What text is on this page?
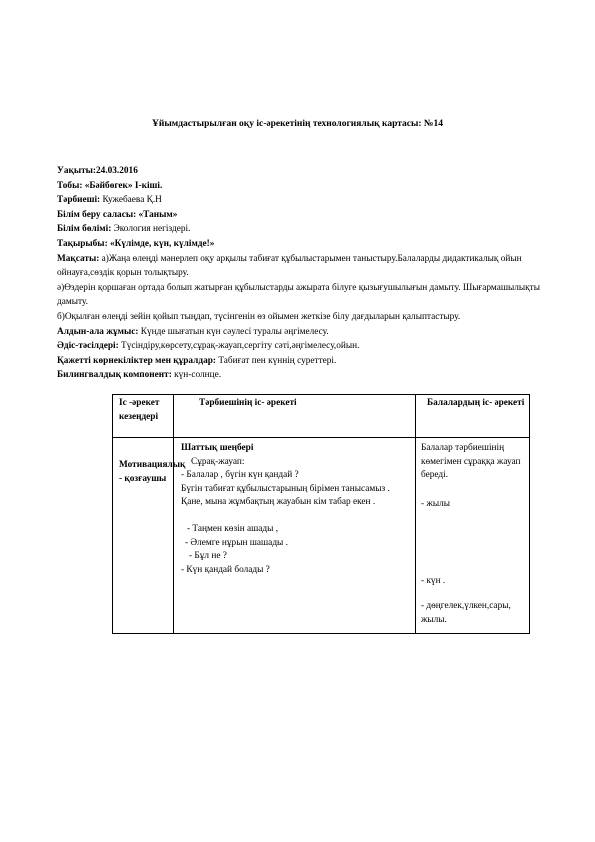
Ұйымдастырылған оқу іс-әрекетінің технологиялық картасы: №14
Уақыты:24.03.2016
Тобы: «Бәйбөгек» I-кіші.
Тәрбиеші: Кужебаева Қ.Н
Білім беру саласы: «Таным»
Білім бөлімі: Экология негіздері.
Тақырыбы: «Күлімде, күн, күлімде!»
Мақсаты: а)Жаңа өлеңді мәнерлеп оқу арқылы табиғат құбылыстарымен таныстыру.Балаларды дидактикалық ойын ойнауға,сөздік қорын толықтыру.
ә)Өздерін қоршаған ортада болып жатырған құбылыстарды ажырата білуге қызығушылығын дамыту. Шығармашылықты дамыту.
б)Оқылған өлеңді зейін қойып тыңдап, түсінгенін өз ойымен жеткізе білу дағдыларын қалыптастыру.
Алдын-ала жұмыс: Күнде шығатын күн сәулесі туралы әңгімелесу.
Әдіс-тәсілдері: Түсіндіру,көрсету,сұрақ-жауап,сергіту сәті,әңгімелесу,ойын.
Қажетті көрнекіліктер мен құралдар: Табиғат пен күннің суреттері.
Билингвалдық компонент: күн-солнце.
Іс -әрекет кезеңдері
Тәрбиешінің іс- әрекеті	Балалардың іс- әрекеті
Мотивациялық - қозғаушы
Шаттық шеңбері
Сұрақ-жауап:
- Балалар , бүгін күн қандай ?
Бүгін табиғат құбылыстарының бірімен танысамыз .
Қане, мына жұмбақтың жауабын кім табар екен .
- Таңмен көзін ашады ,
- Әлемге нұрын шашады .
- Бұл не ?
- Күн қандай болады ?
Балалар тәрбиешінің көмегімен сұраққа жауап береді.
- жылы
- күн .
- дөңгелек,үлкен,сары, жылы.
